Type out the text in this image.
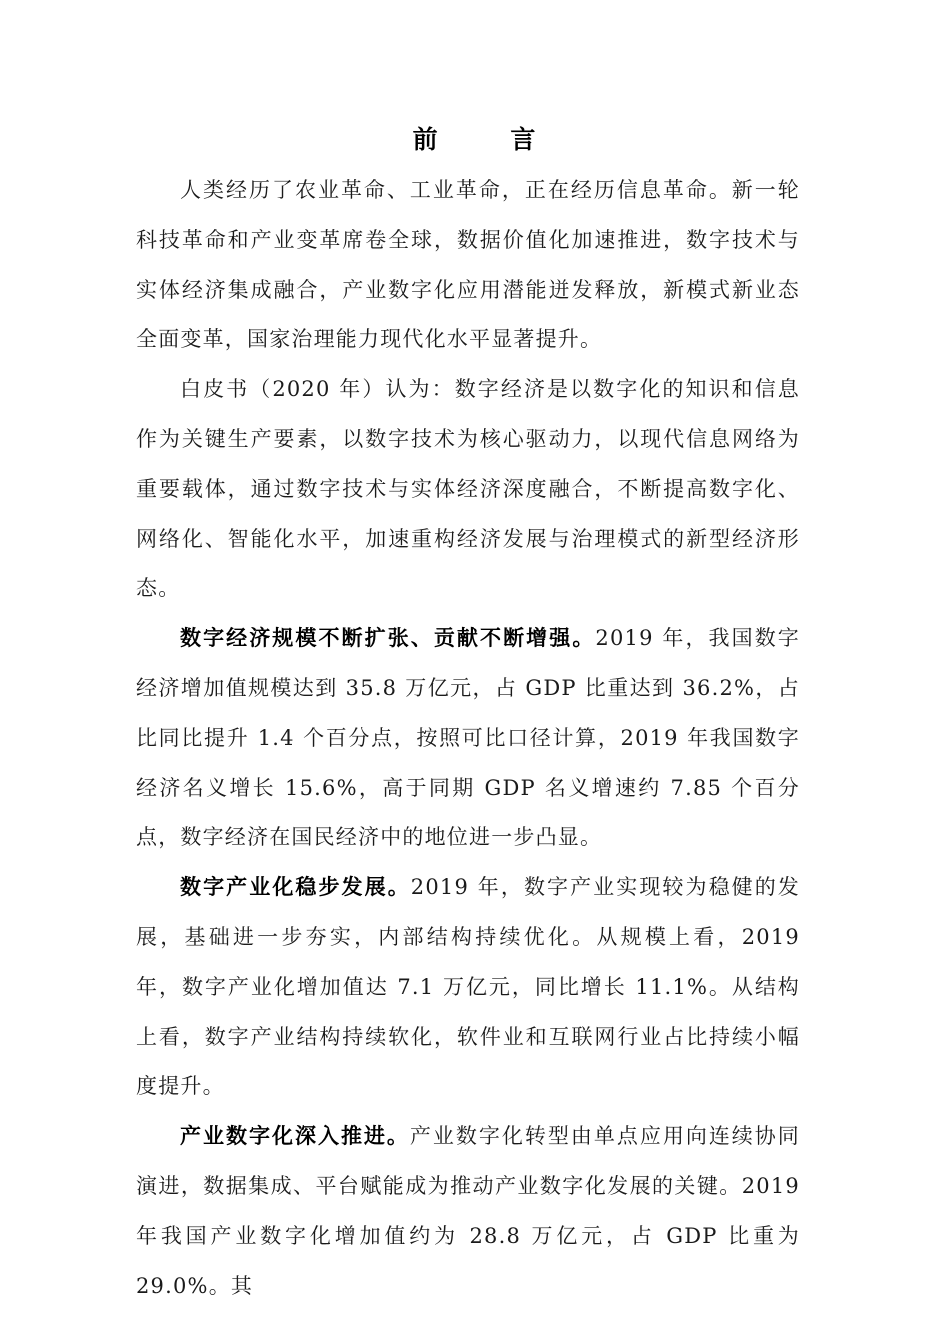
前 言

人类经历了农业革命、工业革命，正在经历信息革命。新一轮科技革命和产业变革席卷全球，数据价值化加速推进，数字技术与实体经济集成融合，产业数字化应用潜能迸发释放，新模式新业态全面变革，国家治理能力现代化水平显著提升。

白皮书（2020 年）认为：数字经济是以数字化的知识和信息作为关键生产要素，以数字技术为核心驱动力，以现代信息网络为重要载体，通过数字技术与实体经济深度融合，不断提高数字化、网络化、智能化水平，加速重构经济发展与治理模式的新型经济形态。

数字经济规模不断扩张、贡献不断增强。2019 年，我国数字经济增加值规模达到 35.8 万亿元，占 GDP 比重达到 36.2%，占比同比提升 1.4 个百分点，按照可比口径计算，2019 年我国数字经济名义增长 15.6%，高于同期 GDP 名义增速约 7.85 个百分点，数字经济在国民经济中的地位进一步凸显。

数字产业化稳步发展。2019 年，数字产业实现较为稳健的发展，基础进一步夯实，内部结构持续优化。从规模上看，2019 年，数字产业化增加值达 7.1 万亿元，同比增长 11.1%。从结构上看，数字产业结构持续软化，软件业和互联网行业占比持续小幅度提升。

产业数字化深入推进。产业数字化转型由单点应用向连续协同演进，数据集成、平台赋能成为推动产业数字化发展的关键。2019 年我国产业数字化增加值约为 28.8 万亿元，占 GDP 比重为 29.0%。其
